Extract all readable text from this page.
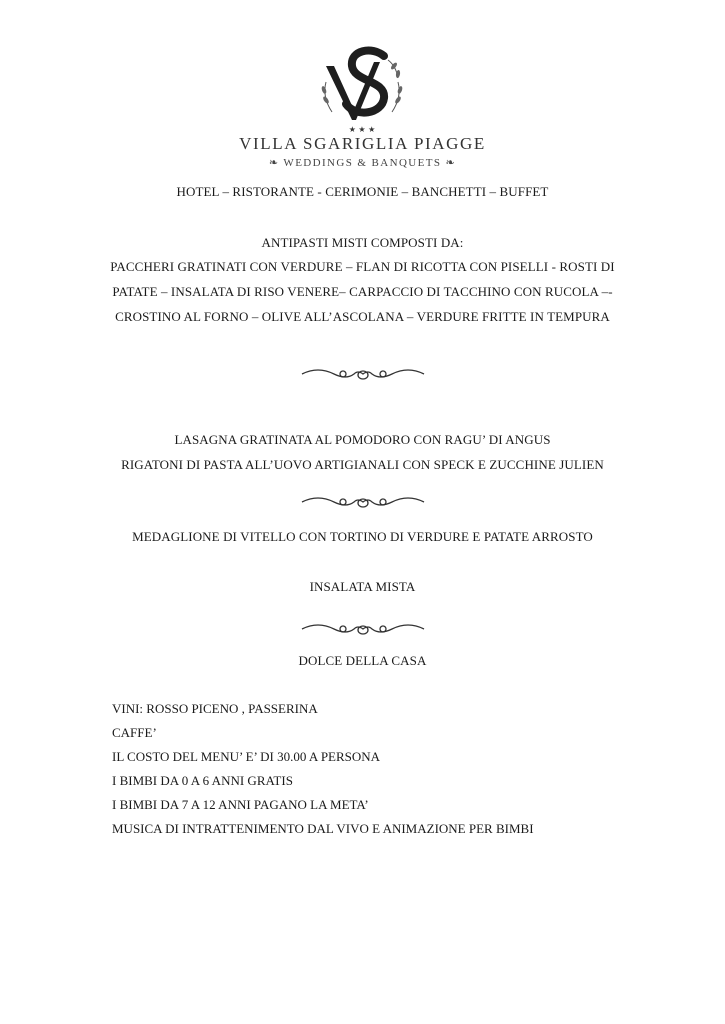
★ ★ ★
VILLA SGARIGLIA PIAGGE
❧ WEDDINGS & BANQUETS ❧
HOTEL – RISTORANTE - CERIMONIE – BANCHETTI – BUFFET
ANTIPASTI MISTI COMPOSTI DA:
PACCHERI GRATINATI CON VERDURE – FLAN DI RICOTTA CON PISELLI - ROSTI DI
PATATE – INSALATA DI RISO VENERE– CARPACCIO DI TACCHINO CON RUCOLA –-
CROSTINO AL FORNO – OLIVE ALL’ASCOLANA – VERDURE FRITTE IN TEMPURA
LASAGNA GRATINATA AL POMODORO CON RAGU’ DI ANGUS
RIGATONI DI PASTA ALL’UOVO ARTIGIANALI CON SPECK E ZUCCHINE JULIEN
MEDAGLIONE DI VITELLO CON TORTINO DI VERDURE E PATATE ARROSTO
INSALATA MISTA
DOLCE DELLA CASA
VINI: ROSSO PICENO , PASSERINA
CAFFE’
IL COSTO DEL MENU’ E’ DI 30.00 A PERSONA
I BIMBI DA 0 A 6 ANNI GRATIS
I BIMBI DA 7 A 12 ANNI PAGANO LA META’
MUSICA DI INTRATTENIMENTO DAL VIVO E ANIMAZIONE PER BIMBI
